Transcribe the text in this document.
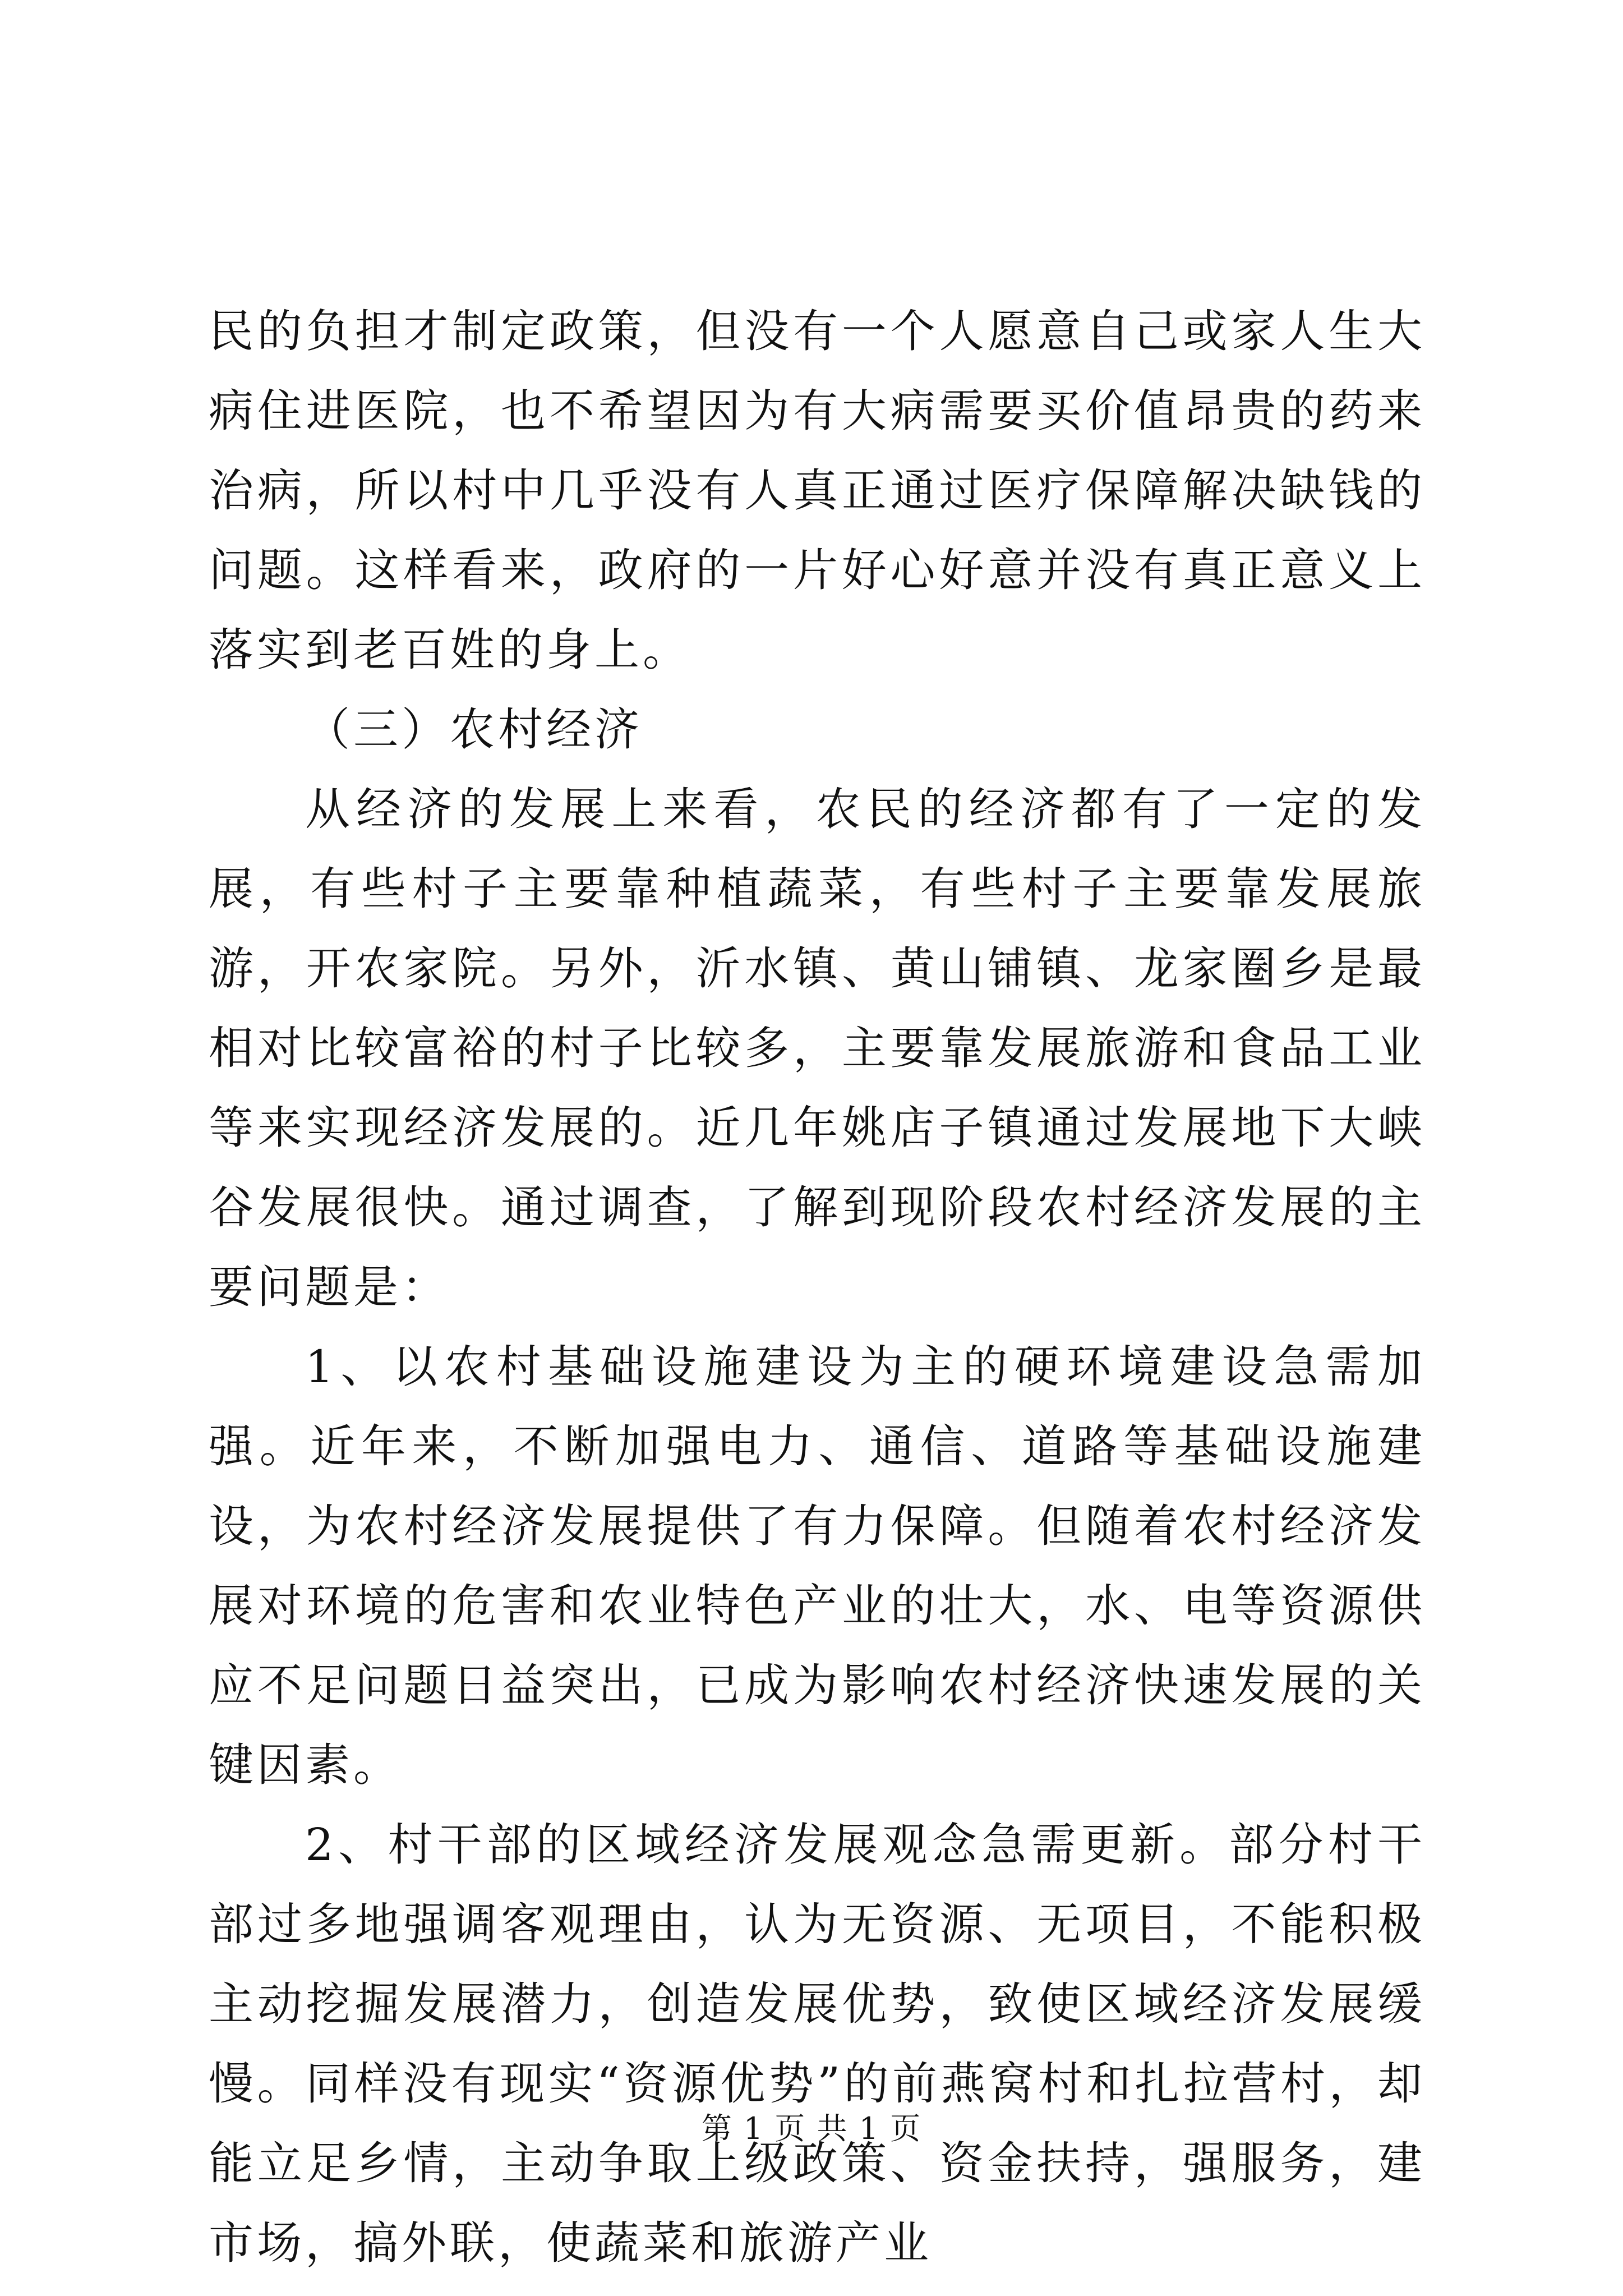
民的负担才制定政策，但没有一个人愿意自己或家人生大病住进医院，也不希望因为有大病需要买价值昂贵的药来治病，所以村中几乎没有人真正通过医疗保障解决缺钱的问题。这样看来，政府的一片好心好意并没有真正意义上落实到老百姓的身上。

（三）农村经济

从经济的发展上来看，农民的经济都有了一定的发展，有些村子主要靠种植蔬菜，有些村子主要靠发展旅游，开农家院。另外，沂水镇、黄山铺镇、龙家圈乡是最相对比较富裕的村子比较多，主要靠发展旅游和食品工业等来实现经济发展的。近几年姚店子镇通过发展地下大峡谷发展很快。通过调查，了解到现阶段农村经济发展的主要问题是：

1、以农村基础设施建设为主的硬环境建设急需加强。近年来，不断加强电力、通信、道路等基础设施建设，为农村经济发展提供了有力保障。但随着农村经济发展对环境的危害和农业特色产业的壮大，水、电等资源供应不足问题日益突出，已成为影响农村经济快速发展的关键因素。

2、村干部的区域经济发展观念急需更新。部分村干部过多地强调客观理由，认为无资源、无项目，不能积极主动挖掘发展潜力，创造发展优势，致使区域经济发展缓慢。同样没有现实“资源优势”的前燕窝村和扎拉营村，却能立足乡情，主动争取上级政策、资金扶持，强服务，建市场，搞外联，使蔬菜和旅游产业

第 1 页 共 1 页
